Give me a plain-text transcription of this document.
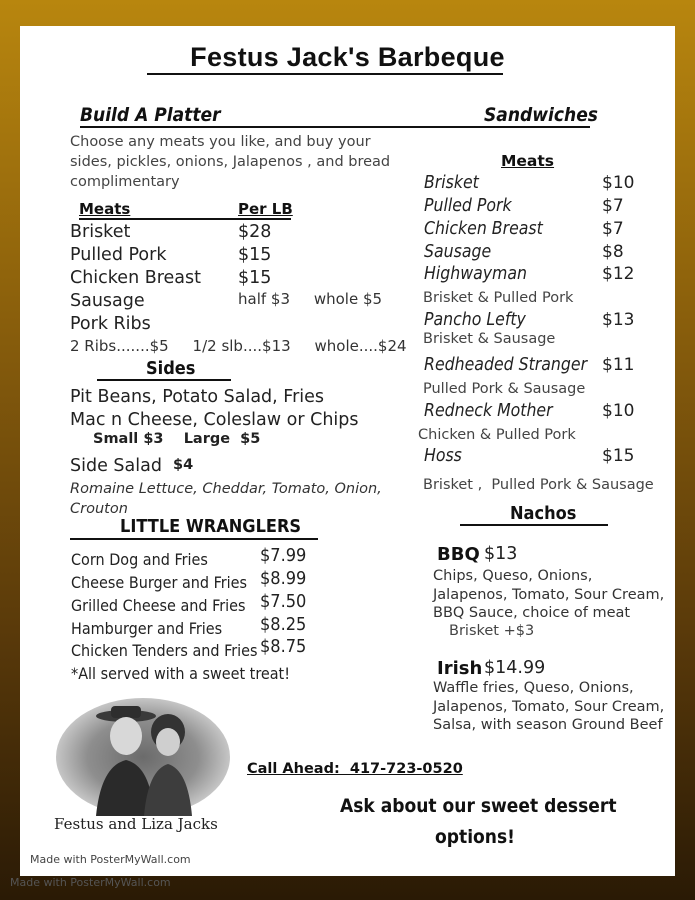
Festus Jack's Barbeque
Build A Platter
Choose any meats you like, and buy your sides, pickles, onions, Jalapenos , and bread complimentary
Meats	Per LB
Brisket	$28
Pulled Pork	$15
Chicken Breast $15
Sausage	half $3     whole $5
Pork Ribs
2 Ribs.......$5     1/2 slb....$13     whole....$24
Sides
Pit Beans, Potato Salad, Fries
Mac n Cheese, Coleslaw or Chips
Small $3    Large  $5
Side Salad $4
Romaine Lettuce, Cheddar, Tomato, Onion, Crouton
LITTLE WRANGLERS
Corn Dog and Fries	$7.99
Cheese Burger and Fries $8.99
Grilled Cheese and Fries $7.50
Hamburger and Fries $8.25
Chicken Tenders and Fries $8.75
*All served with a sweet treat!
Festus and Liza Jacks
Made with PosterMyWall.com
Sandwiches
Meats
Brisket	$10
Pulled Pork	$7
Chicken Breast	$7
Sausage	$8
Highwayman	$12
Brisket & Pulled Pork
Pancho Lefty	$13
Brisket & Sausage
Redheaded Stranger $11
Pulled Pork & Sausage
Redneck Mother	$10
Chicken & Pulled Pork
Hoss	$15
Brisket ,  Pulled Pork & Sausage
Nachos
BBQ $13
Chips, Queso, Onions, Jalapenos, Tomato, Sour Cream, BBQ Sauce, choice of meat
Brisket +$3
Irish $14.99
Waffle fries, Queso, Onions, Jalapenos, Tomato, Sour Cream, Salsa, with season Ground Beef
Call Ahead:  417-723-0520
Ask about our sweet dessert
options!
Made with PosterMyWall.com
